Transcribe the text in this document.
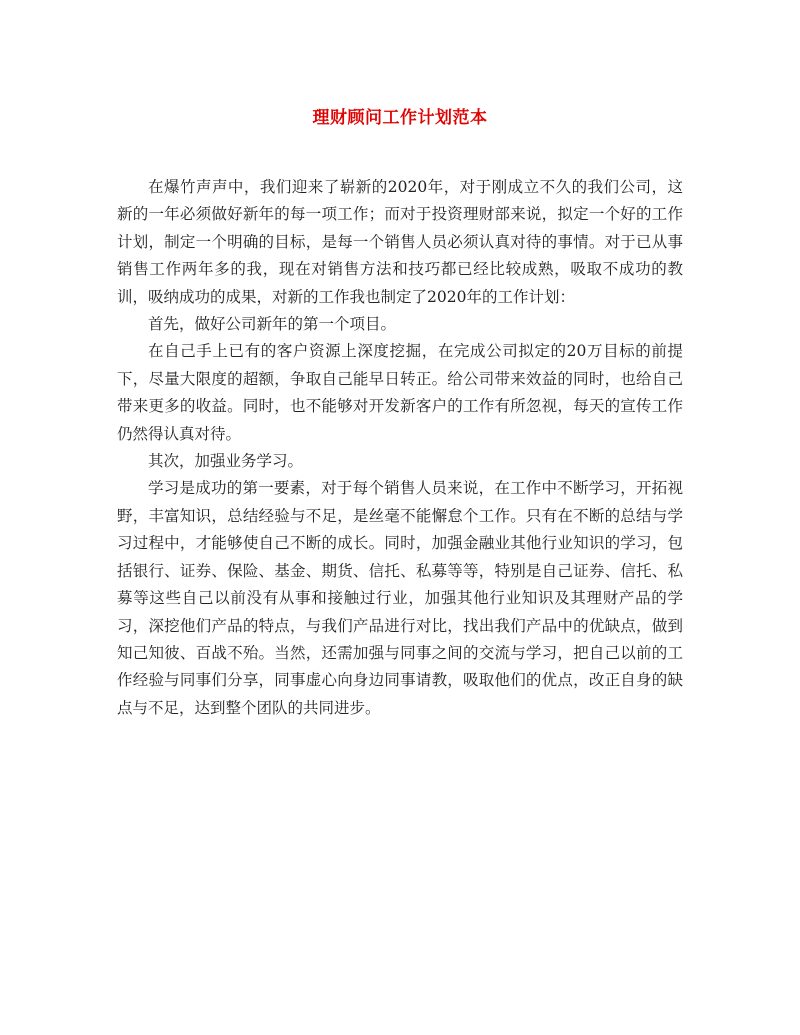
理财顾问工作计划范本

在爆竹声声中，我们迎来了崭新的2020年，对于刚成立不久的我们公司，这新的一年必须做好新年的每一项工作；而对于投资理财部来说，拟定一个好的工作计划，制定一个明确的目标，是每一个销售人员必须认真对待的事情。对于已从事销售工作两年多的我，现在对销售方法和技巧都已经比较成熟，吸取不成功的教训，吸纳成功的成果，对新的工作我也制定了2020年的工作计划：

首先，做好公司新年的第一个项目。

在自己手上已有的客户资源上深度挖掘，在完成公司拟定的20万目标的前提下，尽量大限度的超额，争取自己能早日转正。给公司带来效益的同时，也给自己带来更多的收益。同时，也不能够对开发新客户的工作有所忽视，每天的宣传工作仍然得认真对待。

其次，加强业务学习。

学习是成功的第一要素，对于每个销售人员来说，在工作中不断学习，开拓视野，丰富知识，总结经验与不足，是丝毫不能懈怠个工作。只有在不断的总结与学习过程中，才能够使自己不断的成长。同时，加强金融业其他行业知识的学习，包括银行、证券、保险、基金、期货、信托、私募等等，特别是自己证券、信托、私募等这些自己以前没有从事和接触过行业，加强其他行业知识及其理财产品的学习，深挖他们产品的特点，与我们产品进行对比，找出我们产品中的优缺点，做到知己知彼、百战不殆。当然，还需加强与同事之间的交流与学习，把自己以前的工作经验与同事们分享，同事虚心向身边同事请教，吸取他们的优点，改正自身的缺点与不足，达到整个团队的共同进步。
